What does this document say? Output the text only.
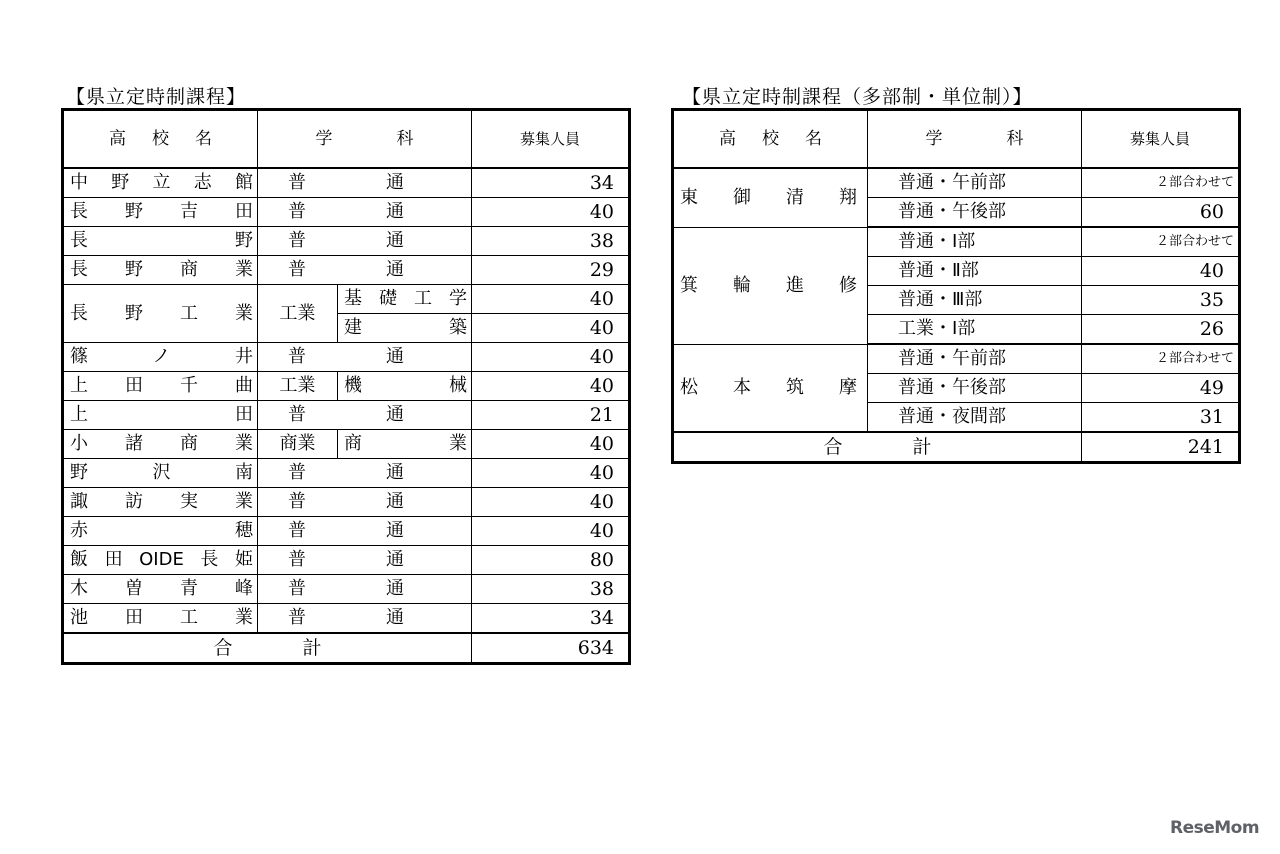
【県立定時制課程】	【県立定時制課程（多部制・単位制）】
高 校 名	学 科		募集人員

中 野 立 志 館	普 通		34

長 野 吉 田	普 通		40

長 野	普 通		38

長 野 商 業	普 通		29

長 野 工 業	工業	基 礎 工 学	40

		建 築	40

篠 ノ 井	普 通		40

上 田 千 曲	工業	機 械	40

上 田	普 通		21

小 諸 商 業	商業	商 業	40

野 沢 南	普 通		40

諏 訪 実 業	普 通		40

赤 穂	普 通		40

飯 田 OIDE 長 姫	普 通		80

木 曽 青 峰	普 通		38

池 田 工 業	普 通		34

合 計			634
高 校 名	学 科	募集人員

東 御 清 翔	普通・午前部	２部合わせて
	普通・午後部	60

箕 輪 進 修	普通・Ⅰ部	２部合わせて
	普通・Ⅱ部	40
	普通・Ⅲ部	35
	工業・Ⅰ部	26

松 本 筑 摩	普通・午前部	２部合わせて
	普通・午後部	49
	普通・夜間部	31

合 計		241
ReseMom
